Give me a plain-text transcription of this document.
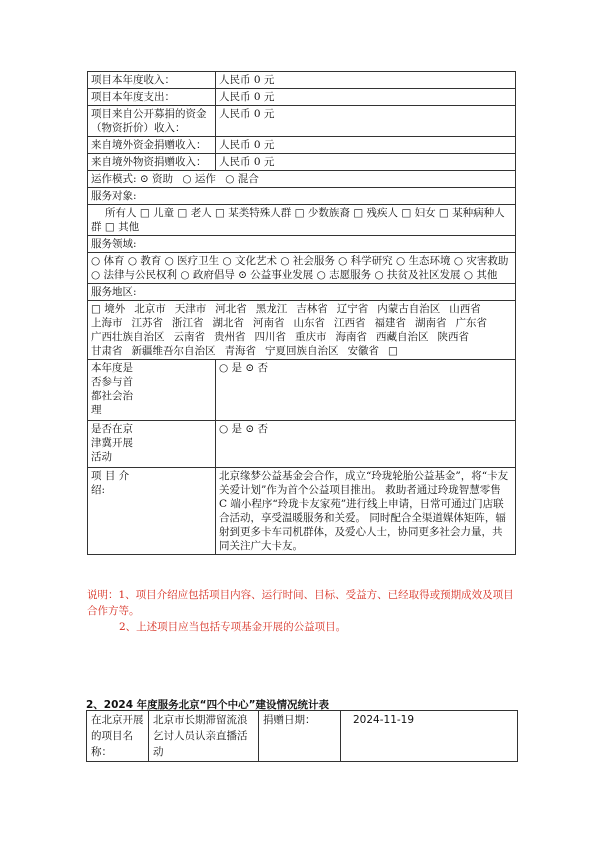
项目本年度收入：	人民币 0 元
项目本年度支出：	人民币 0 元
项目来自公开募捐的资金（物资折价）收入：	人民币 0 元
来自境外资金捐赠收入：	人民币 0 元
来自境外物资捐赠收入：	人民币 0 元
运作模式: ⊙ 资助 ○ 运作 ○ 混合	
服务对象:	
所有人 □ 儿童 □ 老人 □ 某类特殊人群 □ 少数族裔 □ 残疾人 □ 妇女 □ 某种病种人群 □ 其他	
服务领域:	
○ 体育 ○ 教育 ○ 医疗卫生 ○ 文化艺术 ○ 社会服务 ○ 科学研究 ○ 生态环境 ○ 灾害救助 ○ 法律与公民权利 ○ 政府倡导 ⊙ 公益事业发展 ○ 志愿服务 ○ 扶贫及社区发展 ○ 其他	
服务地区:	
□ 境外 北京市 天津市 河北省 黑龙江 吉林省 辽宁省 内蒙古自治区 山西省上海市 江苏省 浙江省 湖北省 河南省 山东省 江西省 福建省 湖南省 广东省广西壮族自治区 云南省 贵州省 四川省 重庆市 海南省 西藏自治区 陕西省甘肃省 新疆维吾尔自治区 青海省 宁夏回族自治区 安徽省 □	

本年度是否参与首都社会治理	○ 是 ⊙ 否

是否在京津冀开展活动	○ 是 ⊙ 否

项 目 介绍:	北京缘梦公益基金会合作，成立“玲珑轮胎公益基金”，将“卡友关爱计划”作为首个公益项目推出。 救助者通过玲珑智慧零售 C 端小程序“玲珑卡友家苑”进行线上申请，日常可通过门店联合活动，享受温暖服务和关爱。 同时配合全渠道媒体矩阵，辐射到更多卡车司机群体，及爱心人士，协同更多社会力量，共同关注广大卡友。
说明：1、项目介绍应包括项目内容、运行时间、目标、受益方、已经取得或预期成效及项目合作方等。
2、上述项目应当包括专项基金开展的公益项目。
2、2024 年度服务北京“四个中心”建设情况统计表
在北京开展的项目名称：	北京市长期滞留流浪乞讨人员认亲直播活动	捐赠日期：	2024-11-19
